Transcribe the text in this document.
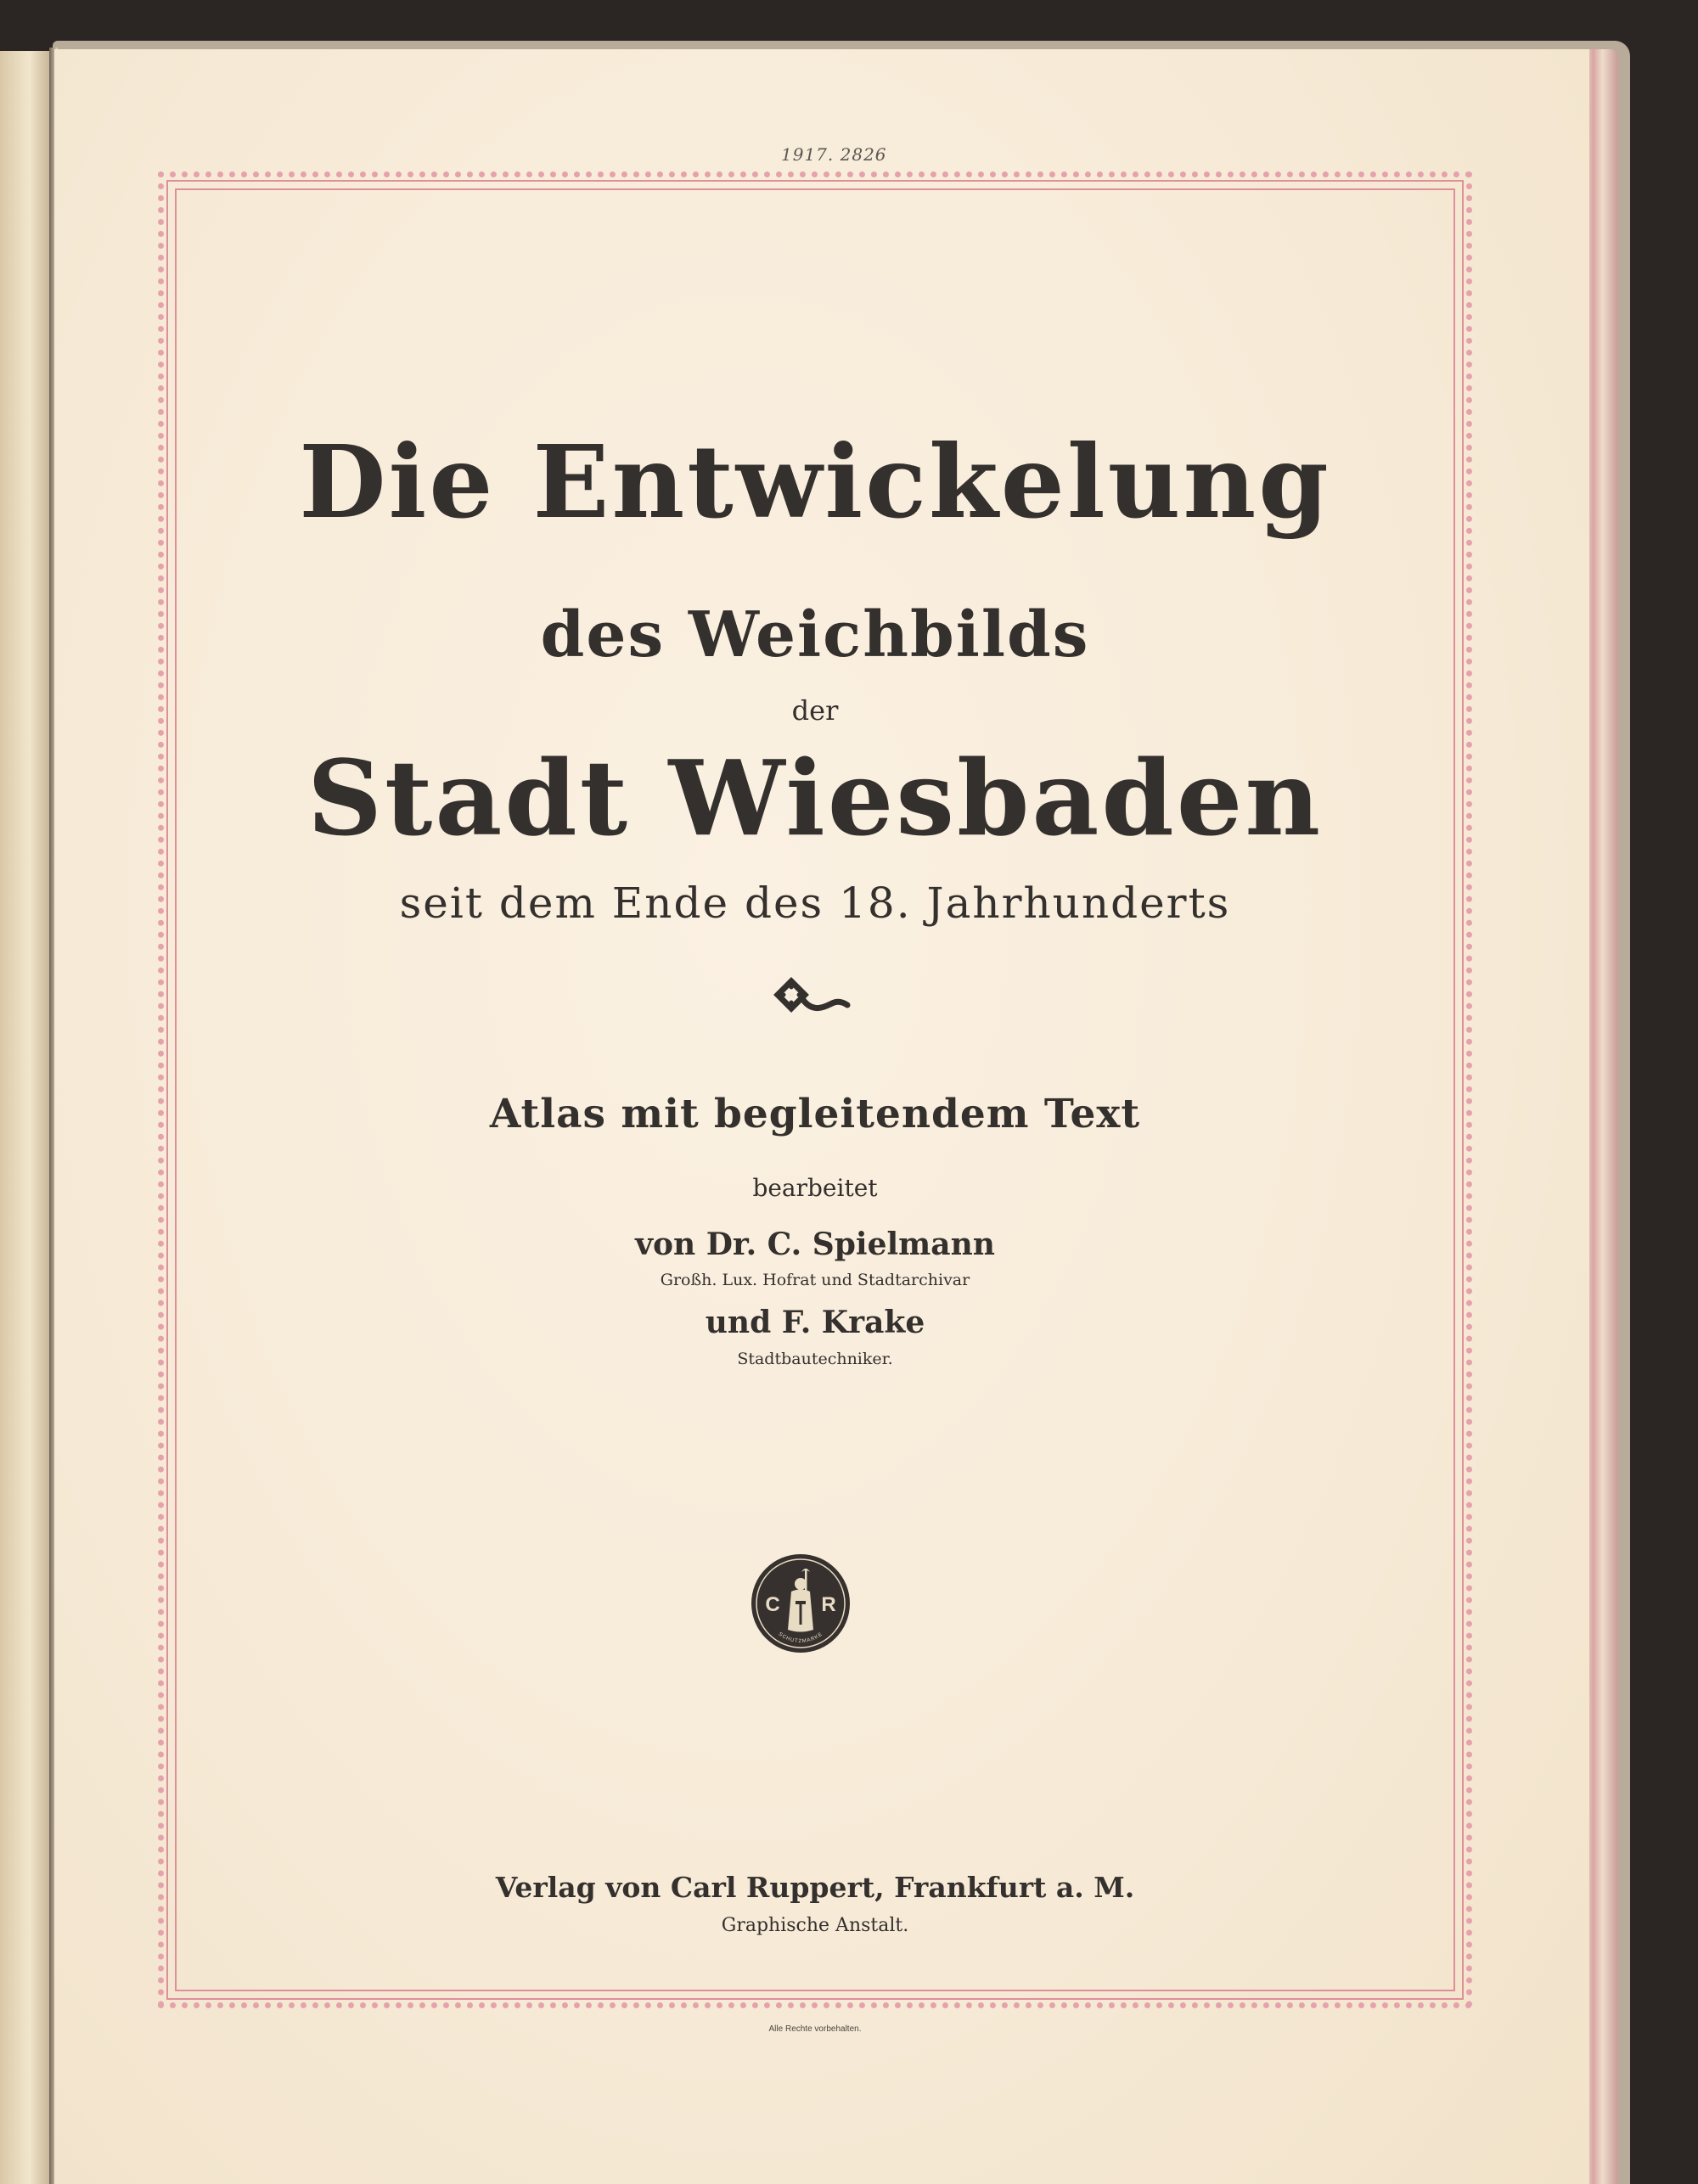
1917. 2826
Die Entwickelung
des Weichbilds
der
Stadt Wiesbaden
seit dem Ende des 18. Jahrhunderts
Atlas mit begleitendem Text
bearbeitet
von Dr. C. Spielmann
Großh. Lux. Hofrat und Stadtarchivar
und F. Krake
Stadtbautechniker.
C R
SCHUTZMARKE
Verlag von Carl Ruppert, Frankfurt a. M.
Graphische Anstalt.
Alle Rechte vorbehalten.
